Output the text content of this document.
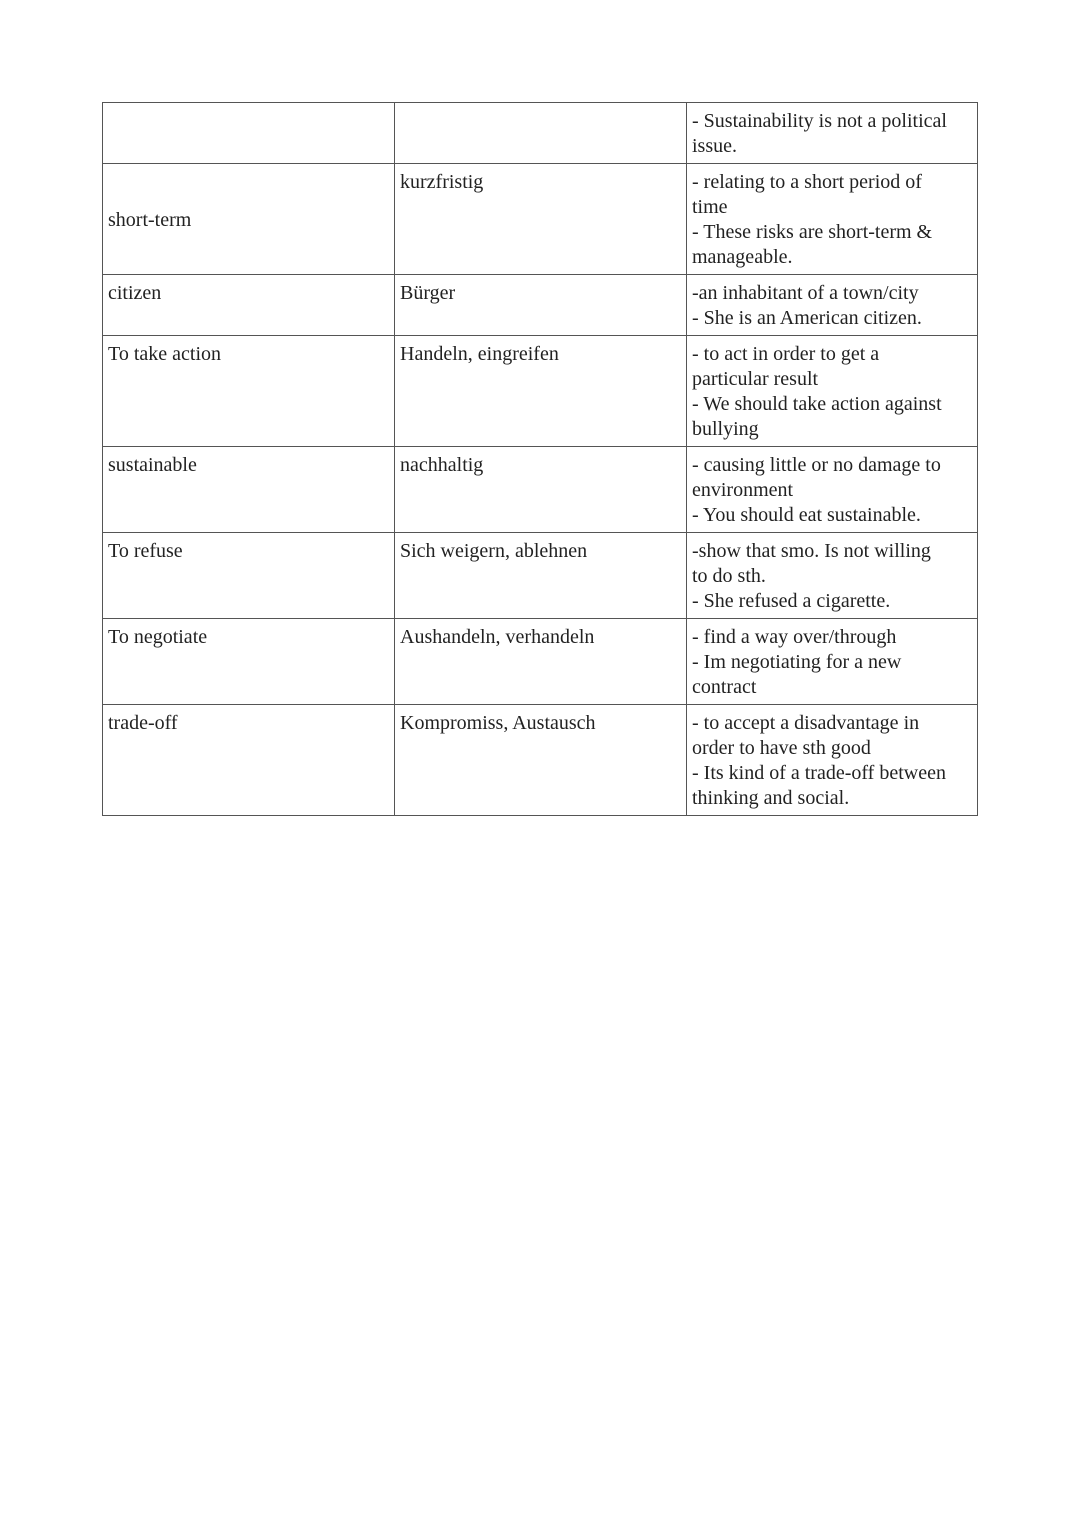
		- Sustainability is not a political
issue.

short-term	kurzfristig	- relating to a short period of
time
- These risks are short-term &
manageable.

citizen	Bürger	-an inhabitant of a town/city
- She is an American citizen.

To take action	Handeln, eingreifen	- to act in order to get a
particular result
- We should take action against
bullying

sustainable	nachhaltig	- causing little or no damage to
environment
- You should eat sustainable.

To refuse	Sich weigern, ablehnen	-show that smo. Is not willing
to do sth.
- She refused a cigarette.

To negotiate	Aushandeln, verhandeln	- find a way over/through
- Im negotiating for a new
contract

trade-off	Kompromiss, Austausch	- to accept a disadvantage in
order to have sth good
- Its kind of a trade-off between
thinking and social.
